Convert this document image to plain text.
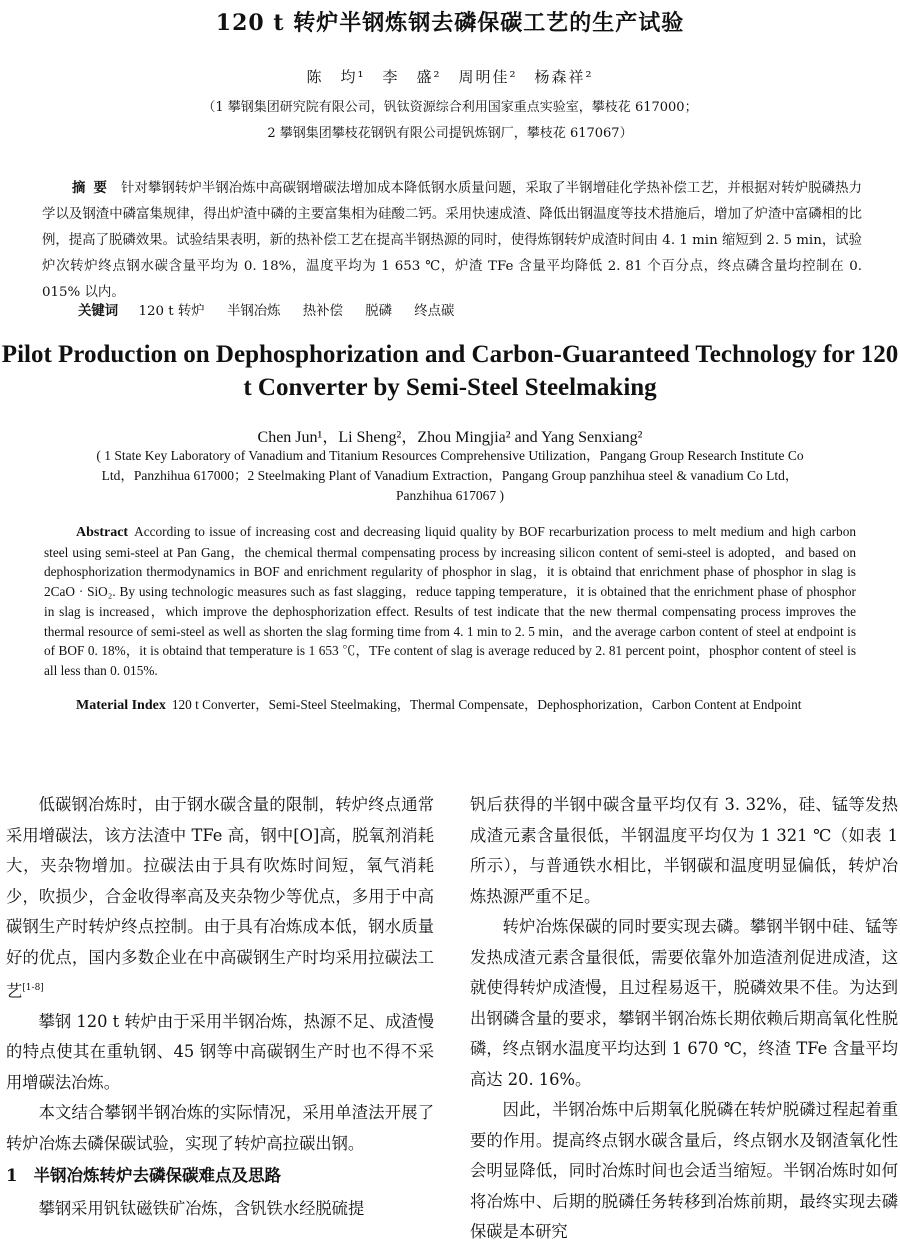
120 t 转炉半钢炼钢去磷保碳工艺的生产试验
陈　均¹　李　盛²　周明佳²　杨森祥²
（1 攀钢集团研究院有限公司，钒钛资源综合利用国家重点实验室，攀枝花 617000；
2 攀钢集团攀枝花钢钒有限公司提钒炼钢厂，攀枝花 617067）
摘要 针对攀钢转炉半钢冶炼中高碳钢增碳法增加成本降低钢水质量问题，采取了半钢增硅化学热补偿工艺，并根据对转炉脱磷热力学以及钢渣中磷富集规律，得出炉渣中磷的主要富集相为硅酸二钙。采用快速成渣、降低出钢温度等技术措施后，增加了炉渣中富磷相的比例，提高了脱磷效果。试验结果表明，新的热补偿工艺在提高半钢热源的同时，使得炼钢转炉成渣时间由 4. 1 min 缩短到 2. 5 min，试验炉次转炉终点钢水碳含量平均为 0. 18%，温度平均为 1 653 ℃，炉渣 TFe 含量平均降低 2. 81 个百分点，终点磷含量均控制在 0. 015% 以内。
关键词 120 t 转炉 半钢冶炼 热补偿 脱磷 终点碳
Pilot Production on Dephosphorization and Carbon-Guaranteed Technology for 120 t Converter by Semi-Steel Steelmaking
Chen Jun¹，Li Sheng²，Zhou Mingjia² and Yang Senxiang²
( 1 State Key Laboratory of Vanadium and Titanium Resources Comprehensive Utilization，Pangang Group Research Institute Co Ltd，Panzhihua 617000；2 Steelmaking Plant of Vanadium Extraction，Pangang Group panzhihua steel & vanadium Co Ltd，Panzhihua 617067 )
Abstract According to issue of increasing cost and decreasing liquid quality by BOF recarburization process to melt medium and high carbon steel using semi-steel at Pan Gang，the chemical thermal compensating process by increasing silicon content of semi-steel is adopted，and based on dephosphorization thermodynamics in BOF and enrichment regularity of phosphor in slag，it is obtaind that enrichment phase of phosphor in slag is 2CaO · SiO₂. By using technologic measures such as fast slagging，reduce tapping temperature，it is obtained that the enrichment phase of phosphor in slag is increased，which improve the dephosphorization effect. Results of test indicate that the new thermal compensating process improves the thermal resource of semi-steel as well as shorten the slag forming time from 4. 1 min to 2. 5 min，and the average carbon content of steel at endpoint is of BOF 0. 18%，it is obtaind that temperature is 1 653 ℃，TFe content of slag is average reduced by 2. 81 percent point，phosphor content of steel is all less than 0. 015%.
Material Index 120 t Converter，Semi-Steel Steelmaking，Thermal Compensate，Dephosphorization，Carbon Content at Endpoint

低碳钢冶炼时，由于钢水碳含量的限制，转炉终点通常采用增碳法，该方法渣中 TFe 高，钢中[O]高，脱氧剂消耗大，夹杂物增加。拉碳法由于具有吹炼时间短，氧气消耗少，吹损少，合金收得率高及夹杂物少等优点，多用于中高碳钢生产时转炉终点控制。由于具有冶炼成本低，钢水质量好的优点，国内多数企业在中高碳钢生产时均采用拉碳法工艺[1-8]

攀钢 120 t 转炉由于采用半钢冶炼，热源不足、成渣慢的特点使其在重轨钢、45 钢等中高碳钢生产时也不得不采用增碳法冶炼。

本文结合攀钢半钢冶炼的实际情况，采用单渣法开展了转炉冶炼去磷保碳试验，实现了转炉高拉碳出钢。

1 半钢冶炼转炉去磷保碳难点及思路

攀钢采用钒钛磁铁矿冶炼，含钒铁水经脱硫提

钒后获得的半钢中碳含量平均仅有 3. 32%，硅、锰等发热成渣元素含量很低，半钢温度平均仅为 1 321 ℃（如表 1 所示），与普通铁水相比，半钢碳和温度明显偏低，转炉冶炼热源严重不足。

转炉冶炼保碳的同时要实现去磷。攀钢半钢中硅、锰等发热成渣元素含量很低，需要依靠外加造渣剂促进成渣，这就使得转炉成渣慢，且过程易返干，脱磷效果不佳。为达到出钢磷含量的要求，攀钢半钢冶炼长期依赖后期高氧化性脱磷，终点钢水温度平均达到 1 670 ℃，终渣 TFe 含量平均高达 20. 16%。

因此，半钢冶炼中后期氧化脱磷在转炉脱磷过程起着重要的作用。提高终点钢水碳含量后，终点钢水及钢渣氧化性会明显降低，同时冶炼时间也会适当缩短。半钢冶炼时如何将冶炼中、后期的脱磷任务转移到冶炼前期，最终实现去磷保碳是本研究
